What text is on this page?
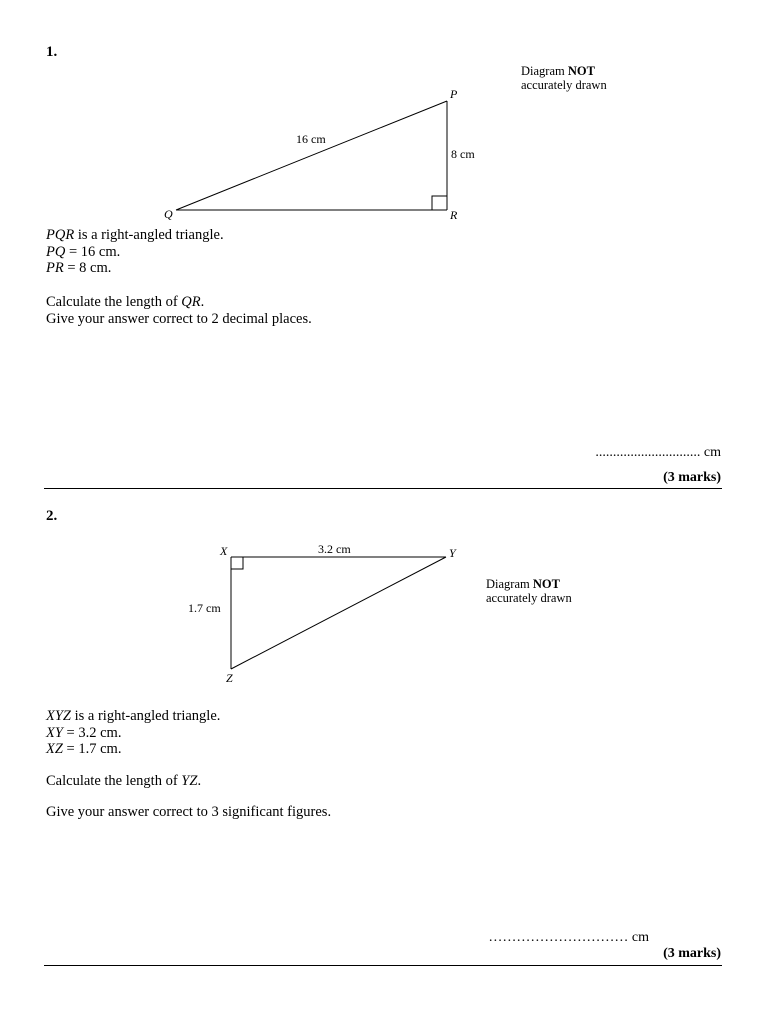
1.
Diagram NOT
accurately drawn
P
Q	R
16 cm
8 cm
PQR is a right-angled triangle.
PQ = 16 cm.
PR = 8 cm.
Calculate the length of QR.
Give your answer correct to 2 decimal places.
.............................. cm
(3 marks)
2.
X	Y
Z
3.2 cm
1.7 cm
Diagram NOT
accurately drawn
XYZ is a right-angled triangle.
XY = 3.2 cm.
XZ = 1.7 cm.
Calculate the length of YZ.
Give your answer correct to 3 significant figures.
………………………… cm
(3 marks)
